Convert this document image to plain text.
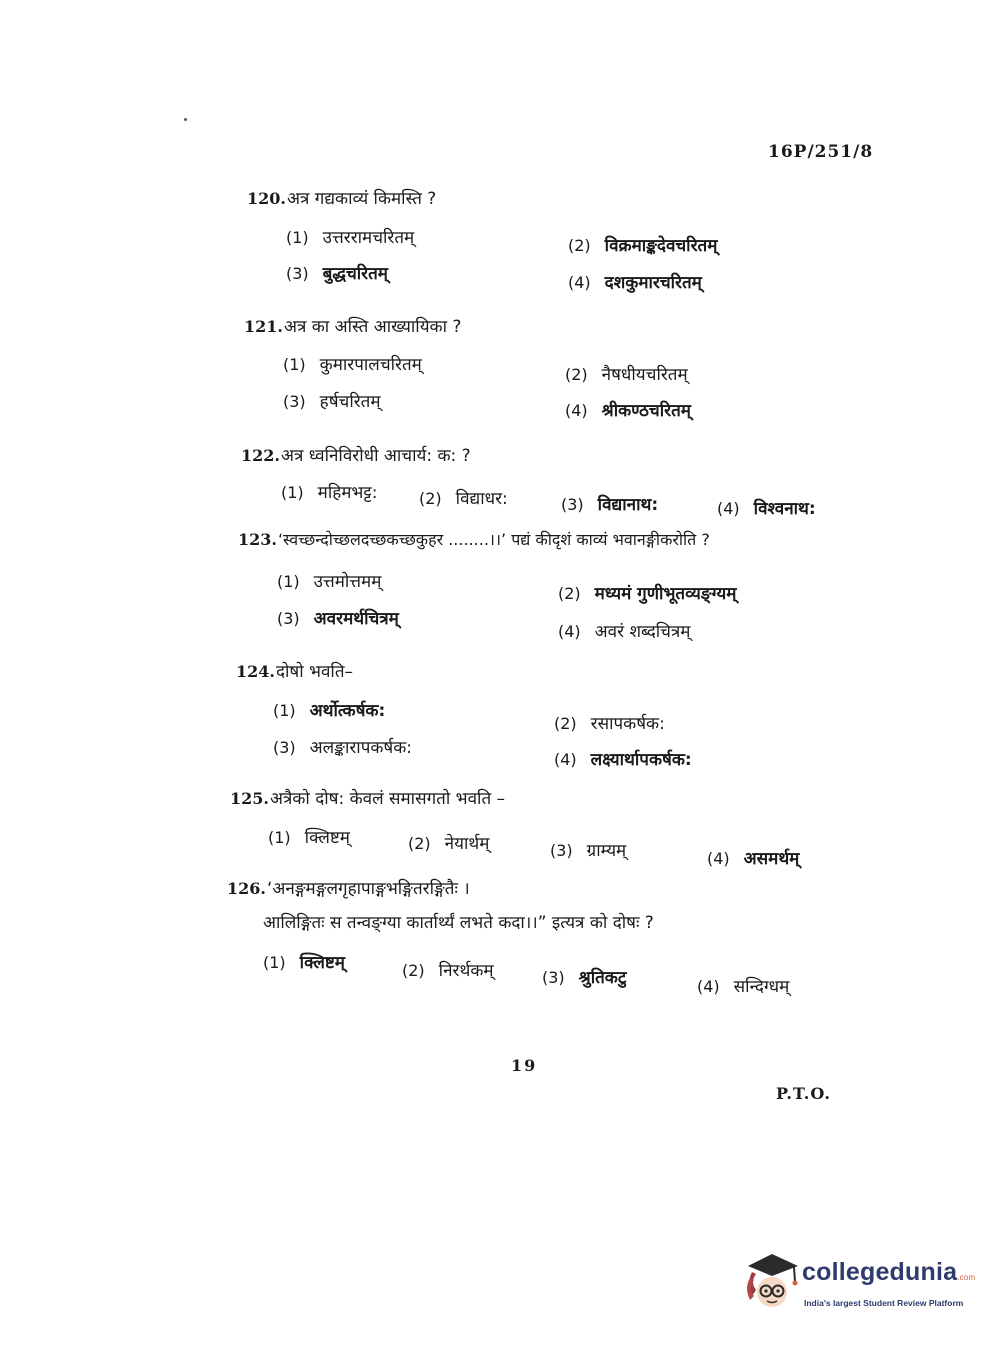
16P/251/8
120.अत्र गद्यकाव्यं किमस्ति ?
(1) उत्तररामचरितम्	(2) विक्रमाङ्कदेवचरितम्
(3) बुद्धचरितम्	(4) दशकुमारचरितम्
121.अत्र का अस्ति आख्यायिका ?
(1) कुमारपालचरितम्	(2) नैषधीयचरितम्
(3) हर्षचरितम्	(4) श्रीकण्ठचरितम्
122.अत्र ध्वनिविरोधी आचार्य: क: ?
(1) महिमभट्ट:	(2) विद्याधर:	(3) विद्यानाथ:	(4) विश्वनाथ:
123.‘स्वच्छन्दोच्छलदच्छकच्छकुहर ........।।’ पद्यं कीदृशं काव्यं भवानङ्गीकरोति ?
(1) उत्तमोत्तमम्
(2) मध्यमं गुणीभूतव्यङ्ग्यम्
(3) अवरमर्थचित्रम्
(4) अवरं शब्दचित्रम्
124.दोषो भवति–
(1) अर्थोत्कर्षक:
(2) रसापकर्षक:
(3) अलङ्कारापकर्षक:
(4) लक्ष्यार्थापकर्षक:
125.अत्रैको दोष: केवलं समासगतो भवति –
(1) क्लिष्टम्	(2) नेयार्थम्	(3) ग्राम्यम्	(4) असमर्थम्
126.‘अनङ्गमङ्गलगृहापाङ्गभङ्गितरङ्गितैः ।
आलिङ्गितः स तन्वङ्ग्या कार्तार्थ्यं लभते कदा।।” इत्यत्र को दोषः ?
(1) क्लिष्टम्	(2) निरर्थकम्	(3) श्रुतिकटु	(4) सन्दिग्धम्
19
P.T.O.
collegedunia.com
India's largest Student Review Platform
